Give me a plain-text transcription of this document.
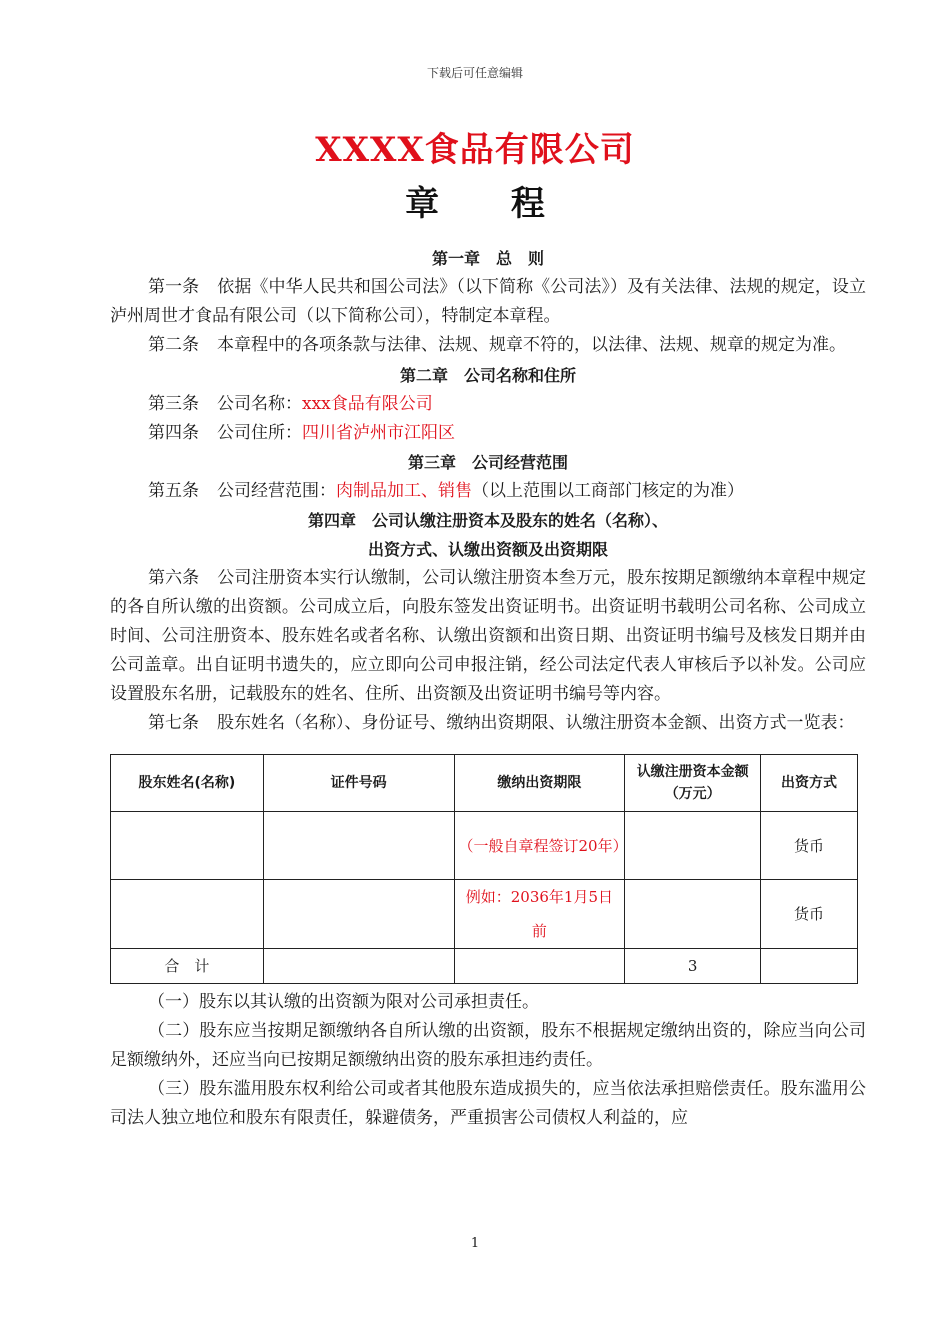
下载后可任意编辑
XXXX食品有限公司
章 程
第一章　总　则
第一条 依据《中华人民共和国公司法》（以下简称《公司法》）及有关法律、法规的规定，设立泸州周世才食品有限公司（以下简称公司），特制定本章程。
第二条 本章程中的各项条款与法律、法规、规章不符的，以法律、法规、规章的规定为准。
第二章　公司名称和住所
第三条 公司名称：xxx食品有限公司
第四条 公司住所：四川省泸州市江阳区
第三章　公司经营范围
第五条 公司经营范围：肉制品加工、销售（以上范围以工商部门核定的为准）
第四章　公司认缴注册资本及股东的姓名（名称）、
出资方式、认缴出资额及出资期限
第六条 公司注册资本实行认缴制，公司认缴注册资本叁万元，股东按期足额缴纳本章程中规定的各自所认缴的出资额。公司成立后，向股东签发出资证明书。出资证明书载明公司名称、公司成立时间、公司注册资本、股东姓名或者名称、认缴出资额和出资日期、出资证明书编号及核发日期并由公司盖章。出自证明书遗失的，应立即向公司申报注销，经公司法定代表人审核后予以补发。公司应设置股东名册，记载股东的姓名、住所、出资额及出资证明书编号等内容。
第七条 股东姓名（名称）、身份证号、缴纳出资期限、认缴注册资本金额、出资方式一览表：
股东姓名(名称)	证件号码	缴纳出资期限	认缴注册资本金额（万元）	出资方式
		（一般自章程签订20年）		货币
		例如：2036年1月5日前		货币
合　计			3	
（一）股东以其认缴的出资额为限对公司承担责任。
（二）股东应当按期足额缴纳各自所认缴的出资额，股东不根据规定缴纳出资的，除应当向公司足额缴纳外，还应当向已按期足额缴纳出资的股东承担违约责任。
（三）股东滥用股东权利给公司或者其他股东造成损失的，应当依法承担赔偿责任。股东滥用公司法人独立地位和股东有限责任，躲避债务，严重损害公司债权人利益的，应
1
